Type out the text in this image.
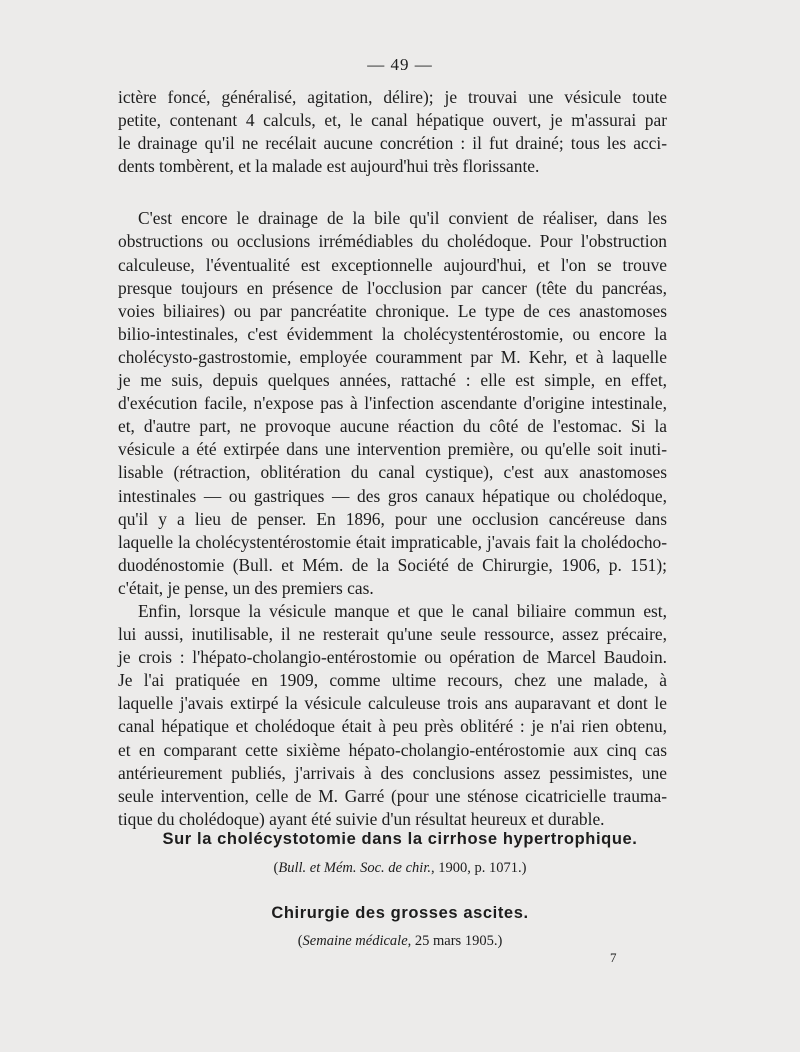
— 49 —
ictère foncé, généralisé, agitation, délire); je trouvai une vésicule toute
petite, contenant 4 calculs, et, le canal hépatique ouvert, je m'assurai par
le drainage qu'il ne recélait aucune concrétion : il fut drainé; tous les acci-
dents tombèrent, et la malade est aujourd'hui très florissante.
C'est encore le drainage de la bile qu'il convient de réaliser, dans les
obstructions ou occlusions irrémédiables du cholédoque. Pour l'obstruction
calculeuse, l'éventualité est exceptionnelle aujourd'hui, et l'on se trouve
presque toujours en présence de l'occlusion par cancer (tête du pancréas,
voies biliaires) ou par pancréatite chronique. Le type de ces anastomoses
bilio-intestinales, c'est évidemment la cholécystentérostomie, ou encore la
cholécysto-gastrostomie, employée couramment par M. Kehr, et à laquelle
je me suis, depuis quelques années, rattaché : elle est simple, en effet,
d'exécution facile, n'expose pas à l'infection ascendante d'origine intestinale,
et, d'autre part, ne provoque aucune réaction du côté de l'estomac. Si la
vésicule a été extirpée dans une intervention première, ou qu'elle soit inuti-
lisable (rétraction, oblitération du canal cystique), c'est aux anastomoses
intestinales — ou gastriques — des gros canaux hépatique ou cholédoque,
qu'il y a lieu de penser. En 1896, pour une occlusion cancéreuse dans
laquelle la cholécystentérostomie était impraticable, j'avais fait la cholédocho-
duodénostomie (Bull. et Mém. de la Société de Chirurgie, 1906, p. 151);
c'était, je pense, un des premiers cas.
Enfin, lorsque la vésicule manque et que le canal biliaire commun est,
lui aussi, inutilisable, il ne resterait qu'une seule ressource, assez précaire,
je crois : l'hépato-cholangio-entérostomie ou opération de Marcel Baudoin.
Je l'ai pratiquée en 1909, comme ultime recours, chez une malade, à
laquelle j'avais extirpé la vésicule calculeuse trois ans auparavant et dont le
canal hépatique et cholédoque était à peu près oblitéré : je n'ai rien obtenu,
et en comparant cette sixième hépato-cholangio-entérostomie aux cinq cas
antérieurement publiés, j'arrivais à des conclusions assez pessimistes, une
seule intervention, celle de M. Garré (pour une sténose cicatricielle trauma-
tique du cholédoque) ayant été suivie d'un résultat heureux et durable.
Sur la cholécystotomie dans la cirrhose hypertrophique.
(Bull. et Mém. Soc. de chir., 1900, p. 1071.)
Chirurgie des grosses ascites.
(Semaine médicale, 25 mars 1905.)
7
